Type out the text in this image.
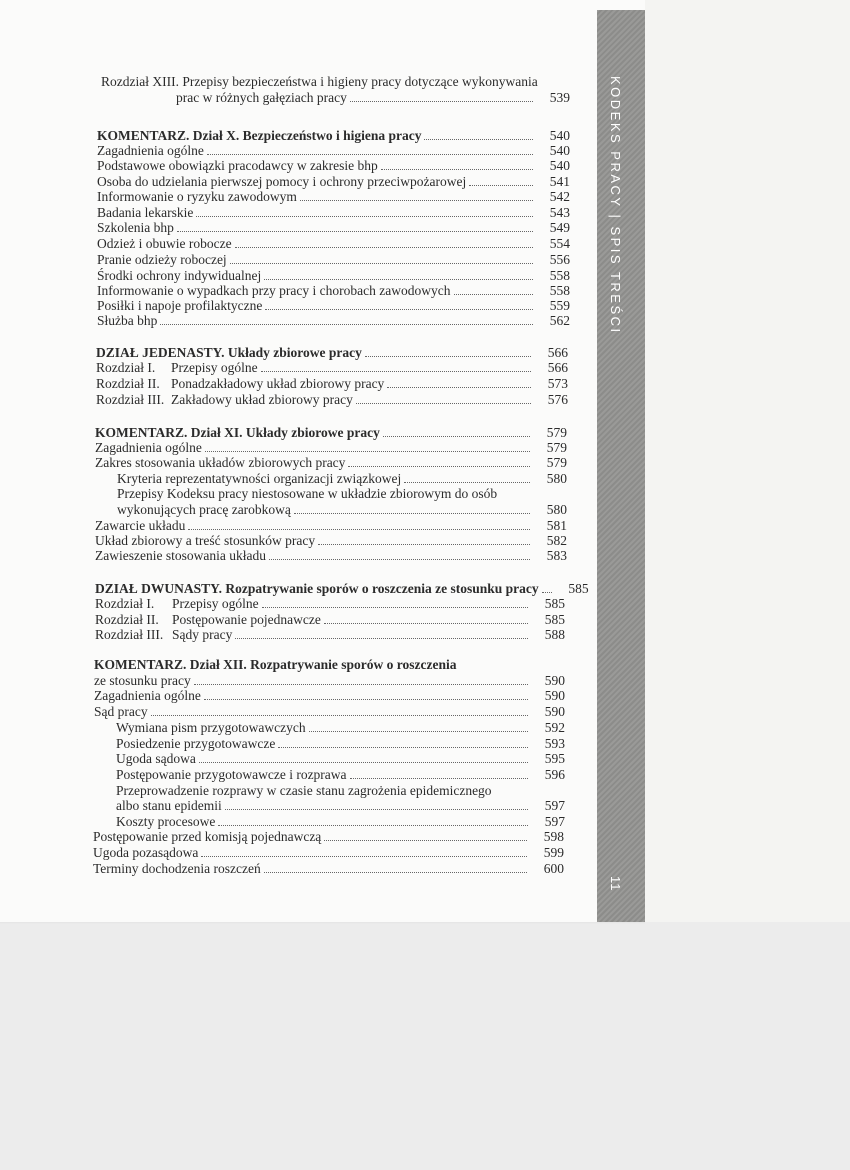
KODEKS PRACY | SPIS TREŚCI
11
Rozdział XIII. Przepisy bezpieczeństwa i higieny pracy dotyczące wykonywania
prac w różnych gałęziach pracy	539
KOMENTARZ. Dział X. Bezpieczeństwo i higiena pracy	540
Zagadnienia ogólne	540
Podstawowe obowiązki pracodawcy w zakresie bhp	540
Osoba do udzielania pierwszej pomocy i ochrony przeciwpożarowej	541
Informowanie o ryzyku zawodowym	542
Badania lekarskie	543
Szkolenia bhp	549
Odzież i obuwie robocze	554
Pranie odzieży roboczej	556
Środki ochrony indywidualnej	558
Informowanie o wypadkach przy pracy i chorobach zawodowych	558
Posiłki i napoje profilaktyczne	559
Służba bhp	562
DZIAŁ JEDENASTY. Układy zbiorowe pracy	566
Rozdział I.	Przepisy ogólne	566
Rozdział II. Ponadzakładowy układ zbiorowy pracy	573
Rozdział III. Zakładowy układ zbiorowy pracy	576
KOMENTARZ. Dział XI. Układy zbiorowe pracy	579
Zagadnienia ogólne	579
Zakres stosowania układów zbiorowych pracy	579
Kryteria reprezentatywności organizacji związkowej	580
Przepisy Kodeksu pracy niestosowane w układzie zbiorowym do osób
wykonujących pracę zarobkową	580
Zawarcie układu	581
Układ zbiorowy a treść stosunków pracy	582
Zawieszenie stosowania układu	583
DZIAŁ DWUNASTY. Rozpatrywanie sporów o roszczenia ze stosunku pracy	585
Rozdział I.	Przepisy ogólne	585
Rozdział II. Postępowanie pojednawcze	585
Rozdział III. Sądy pracy	588
KOMENTARZ. Dział XII. Rozpatrywanie sporów o roszczenia
ze stosunku pracy	590
Zagadnienia ogólne	590
Sąd pracy	590
Wymiana pism przygotowawczych	592
Posiedzenie przygotowawcze	593
Ugoda sądowa	595
Postępowanie przygotowawcze i rozprawa	596
Przeprowadzenie rozprawy w czasie stanu zagrożenia epidemicznego
albo stanu epidemii	597
Koszty procesowe	597
Postępowanie przed komisją pojednawczą	598
Ugoda pozasądowa	599
Terminy dochodzenia roszczeń	600
